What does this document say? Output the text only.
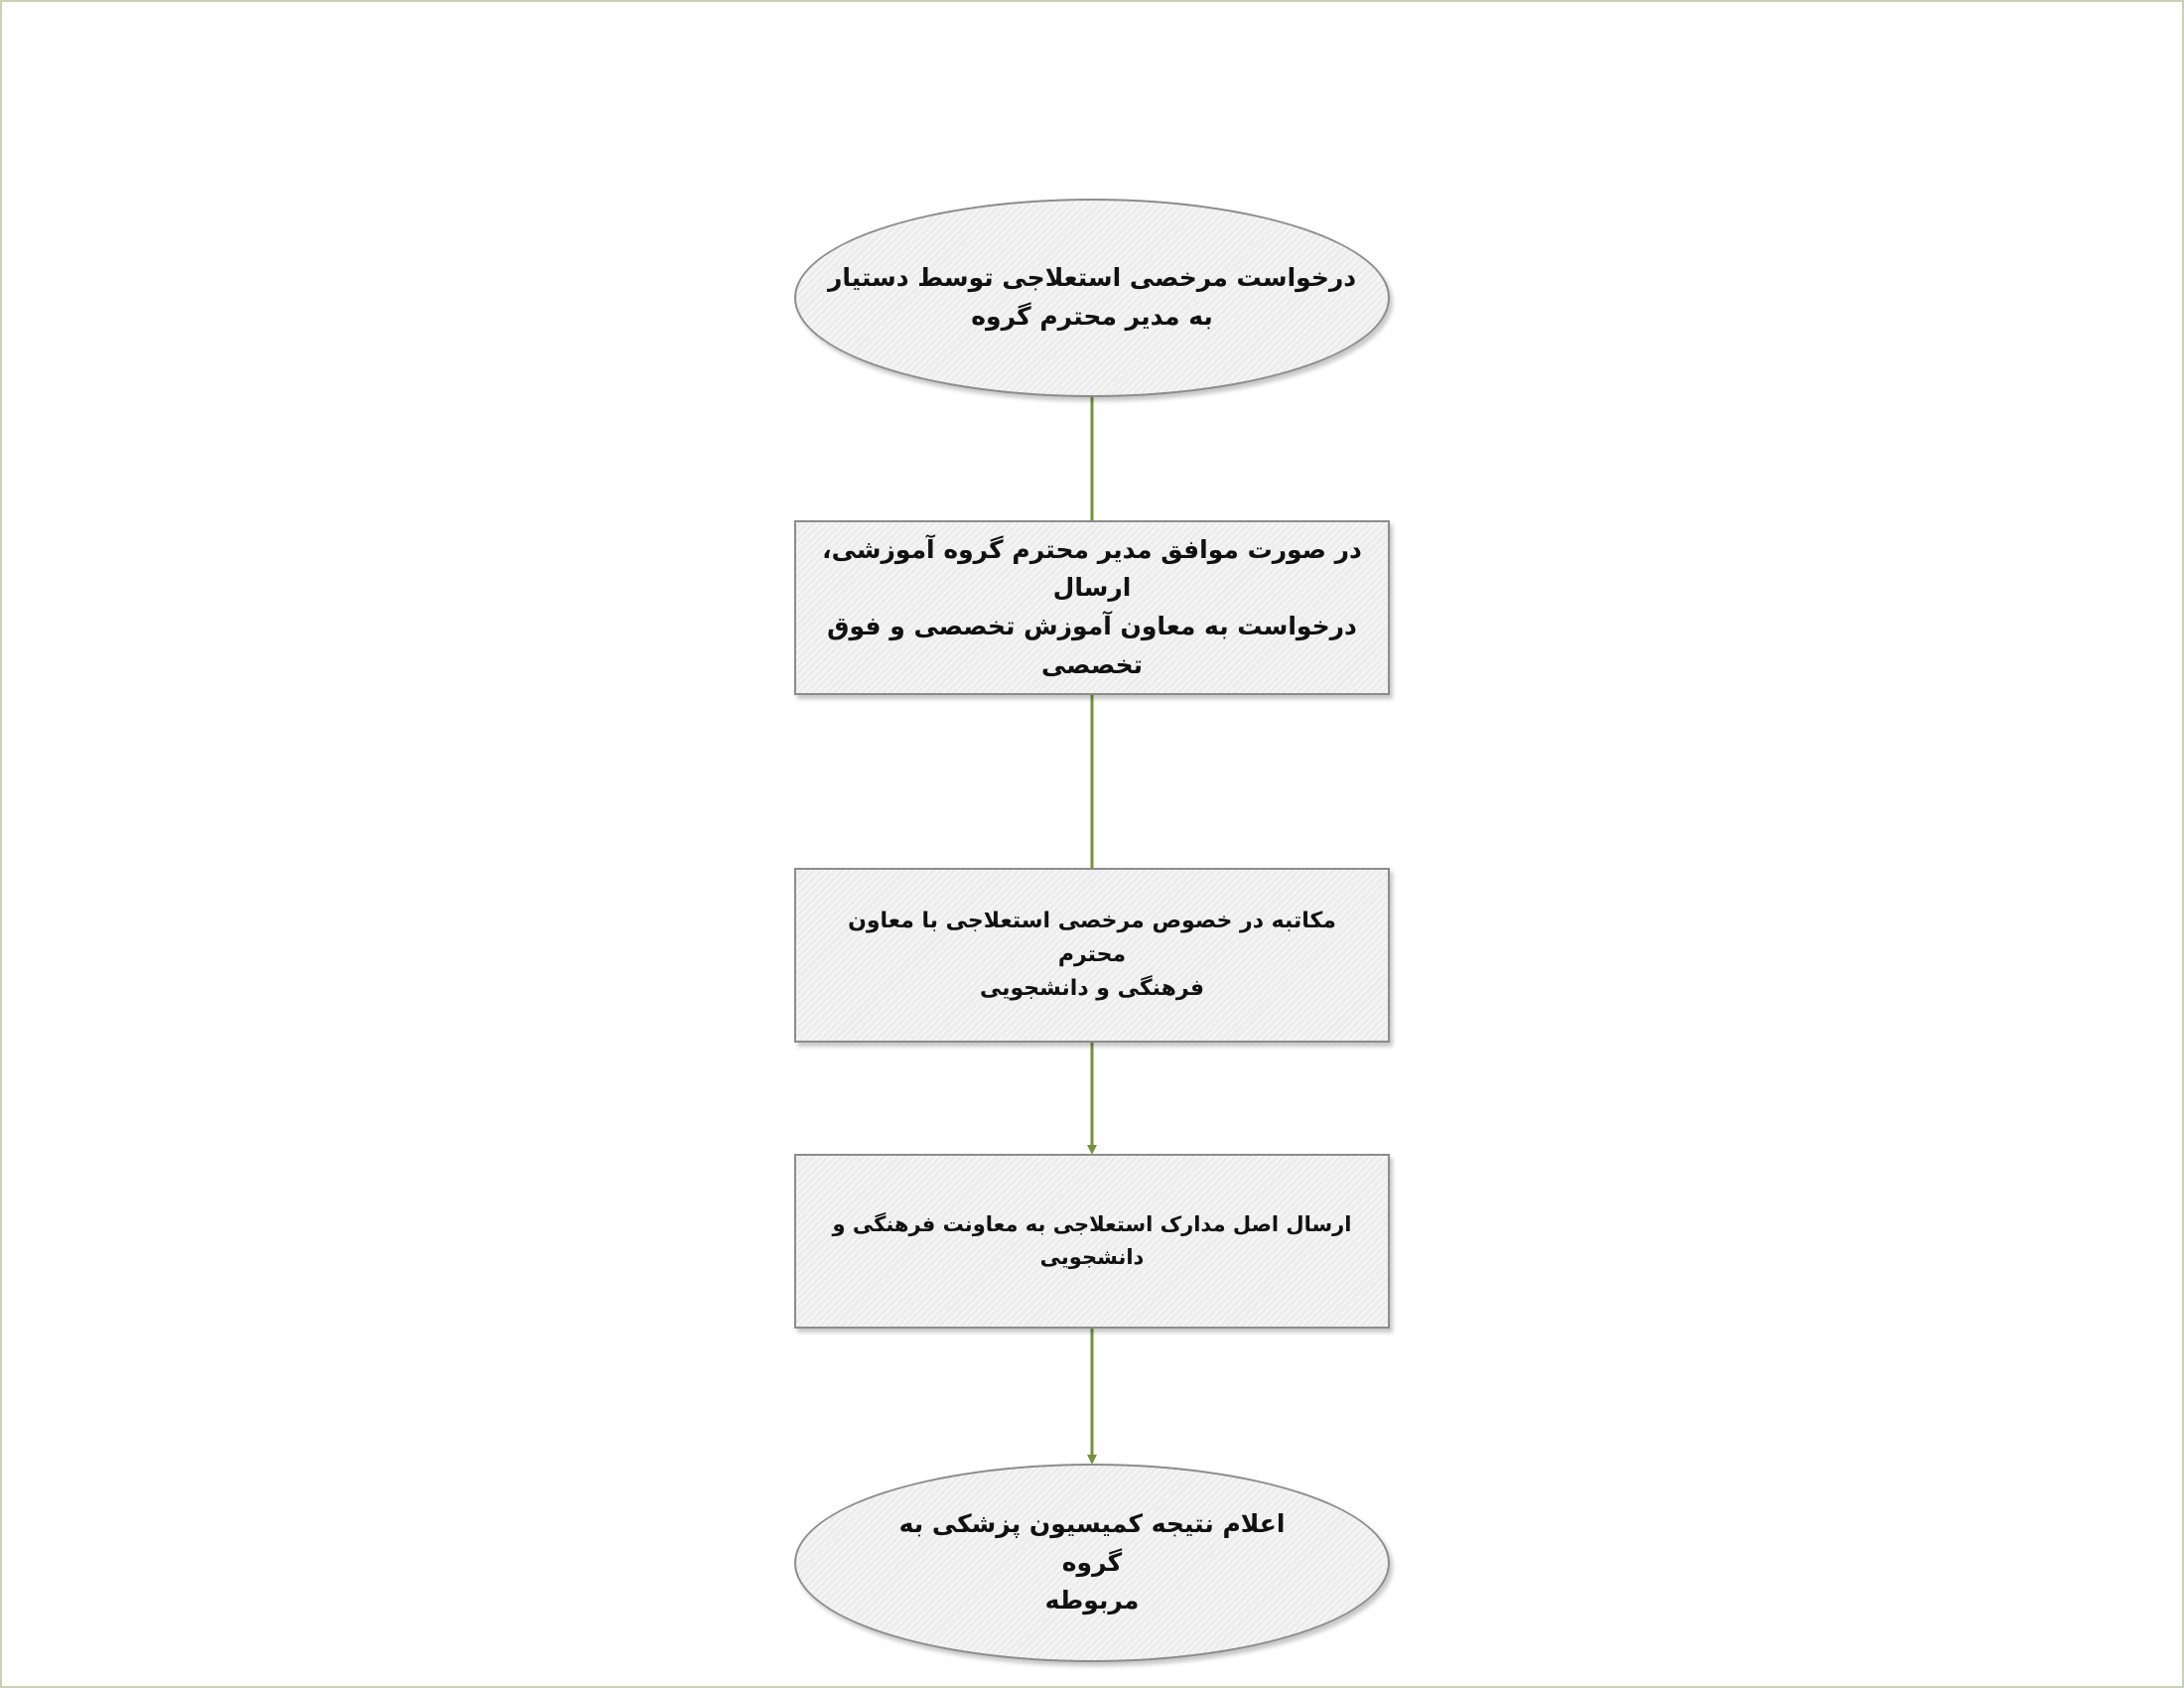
درخواست مرخصی استعلاجی توسط دستیار
به مدیر محترم گروه
در صورت موافق مدیر محترم گروه آموزشی، ارسال
درخواست به معاون آموزش تخصصی و فوق
تخصصی
مکاتبه در خصوص مرخصی استعلاجی با معاون محترم
فرهنگی و دانشجویی
ارسال اصل مدارک استعلاجی به معاونت فرهنگی و دانشجویی
اعلام نتیجه کمیسیون پزشکی به گروه
مربوطه
